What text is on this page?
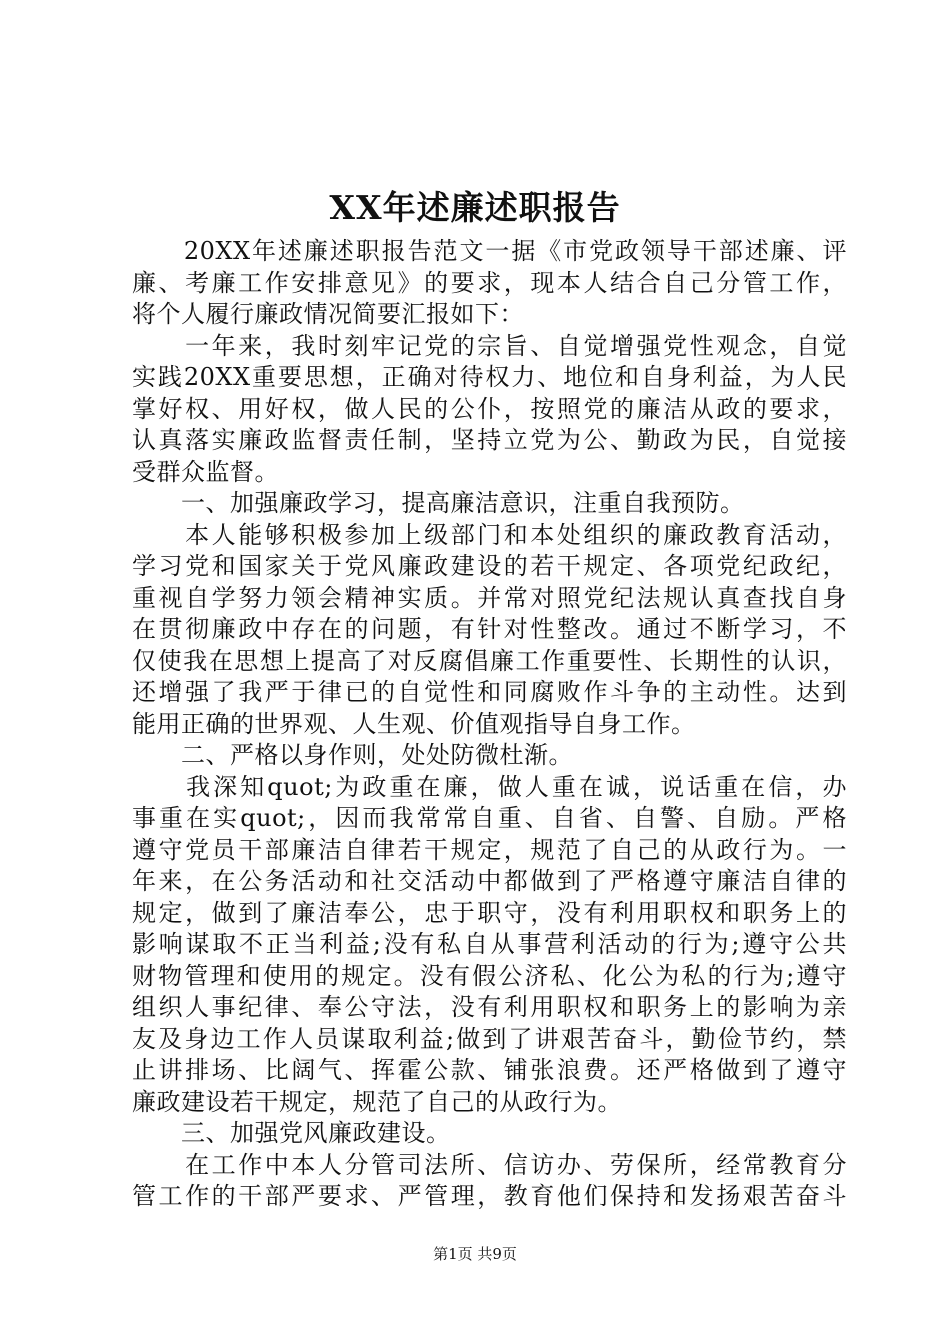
XX年述廉述职报告
　　20XX年述廉述职报告范文一据《市党政领导干部述廉、评
廉、考廉工作安排意见》的要求，现本人结合自己分管工作，
将个人履行廉政情况简要汇报如下：
　　一年来，我时刻牢记党的宗旨、自觉增强党性观念，自觉
实践20XX重要思想，正确对待权力、地位和自身利益，为人民
掌好权、用好权，做人民的公仆，按照党的廉洁从政的要求，
认真落实廉政监督责任制，坚持立党为公、勤政为民，自觉接
受群众监督。
　　一、加强廉政学习，提高廉洁意识，注重自我预防。
　　本人能够积极参加上级部门和本处组织的廉政教育活动，
学习党和国家关于党风廉政建设的若干规定、各项党纪政纪，
重视自学努力领会精神实质。并常对照党纪法规认真查找自身
在贯彻廉政中存在的问题，有针对性整改。通过不断学习，不
仅使我在思想上提高了对反腐倡廉工作重要性、长期性的认识，
还增强了我严于律已的自觉性和同腐败作斗争的主动性。达到
能用正确的世界观、人生观、价值观指导自身工作。
　　二、严格以身作则，处处防微杜渐。
　　我深知quot;为政重在廉，做人重在诚，说话重在信，办
事重在实quot;，因而我常常自重、自省、自警、自励。严格
遵守党员干部廉洁自律若干规定，规范了自己的从政行为。一
年来，在公务活动和社交活动中都做到了严格遵守廉洁自律的
规定，做到了廉洁奉公，忠于职守，没有利用职权和职务上的
影响谋取不正当利益;没有私自从事营利活动的行为;遵守公共
财物管理和使用的规定。没有假公济私、化公为私的行为;遵守
组织人事纪律、奉公守法，没有利用职权和职务上的影响为亲
友及身边工作人员谋取利益;做到了讲艰苦奋斗，勤俭节约，禁
止讲排场、比阔气、挥霍公款、铺张浪费。还严格做到了遵守
廉政建设若干规定，规范了自己的从政行为。
　　三、加强党风廉政建设。
　　在工作中本人分管司法所、信访办、劳保所，经常教育分
管工作的干部严要求、严管理，教育他们保持和发扬艰苦奋斗
第1页 共9页
